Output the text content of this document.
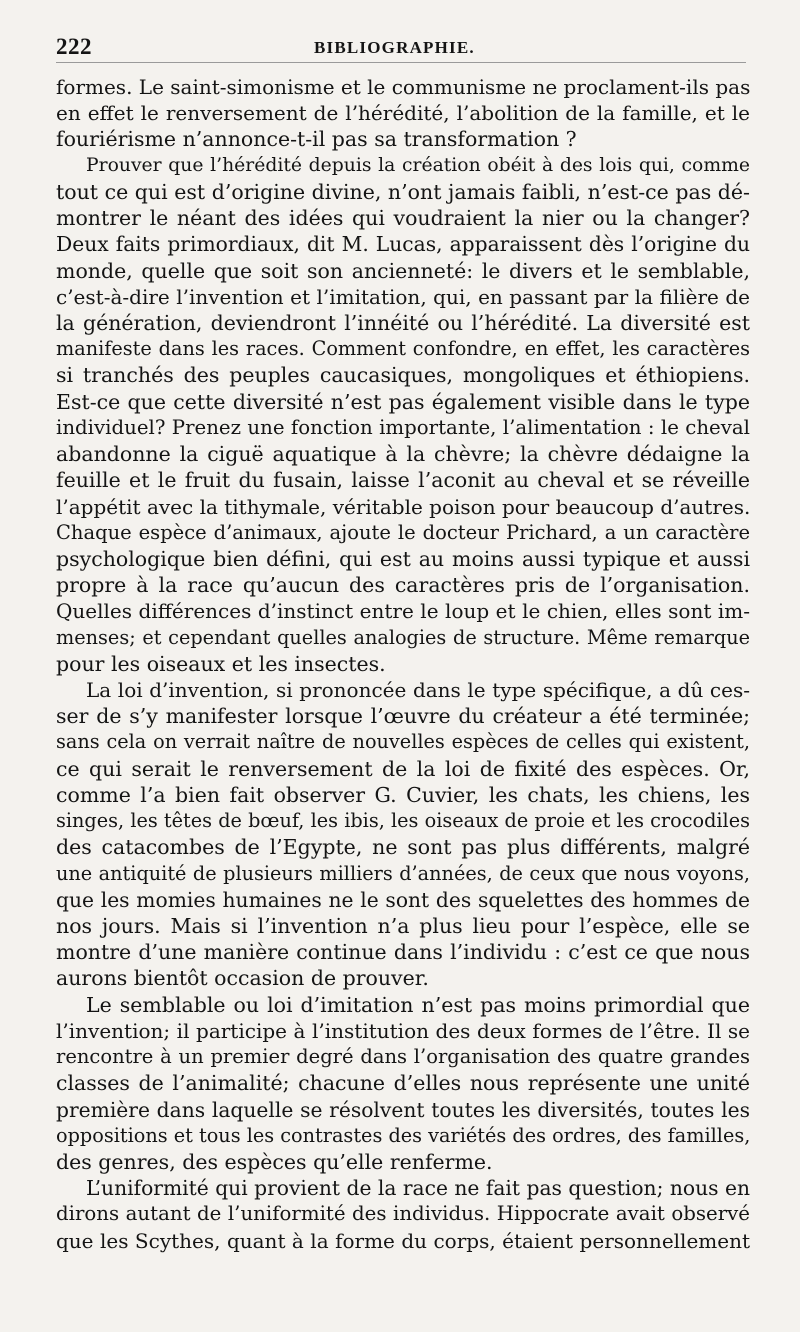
222	BIBLIOGRAPHIE.
formes. Le saint-simonisme et le communisme ne proclament-ils pas
en effet le renversement de l’hérédité, l’abolition de la famille, et le
fouriérisme n’annonce-t-il pas sa transformation ?
Prouver que l’hérédité depuis la création obéit à des lois qui, comme
tout ce qui est d’origine divine, n’ont jamais faibli, n’est-ce pas dé-
montrer le néant des idées qui voudraient la nier ou la changer?
Deux faits primordiaux, dit M. Lucas, apparaissent dès l’origine du
monde, quelle que soit son ancienneté: le divers et le semblable,
c’est-à-dire l’invention et l’imitation, qui, en passant par la filière de
la génération, deviendront l’innéité ou l’hérédité. La diversité est
manifeste dans les races. Comment confondre, en effet, les caractères
si tranchés des peuples caucasiques, mongoliques et éthiopiens.
Est-ce que cette diversité n’est pas également visible dans le type
individuel? Prenez une fonction importante, l’alimentation : le cheval
abandonne la ciguë aquatique à la chèvre; la chèvre dédaigne la
feuille et le fruit du fusain, laisse l’aconit au cheval et se réveille
l’appétit avec la tithymale, véritable poison pour beaucoup d’autres.
Chaque espèce d’animaux, ajoute le docteur Prichard, a un caractère
psychologique bien défini, qui est au moins aussi typique et aussi
propre à la race qu’aucun des caractères pris de l’organisation.
Quelles différences d’instinct entre le loup et le chien, elles sont im-
menses; et cependant quelles analogies de structure. Même remarque
pour les oiseaux et les insectes.
La loi d’invention, si prononcée dans le type spécifique, a dû ces-
ser de s’y manifester lorsque l’œuvre du créateur a été terminée;
sans cela on verrait naître de nouvelles espèces de celles qui existent,
ce qui serait le renversement de la loi de fixité des espèces. Or,
comme l’a bien fait observer G. Cuvier, les chats, les chiens, les
singes, les têtes de bœuf, les ibis, les oiseaux de proie et les crocodiles
des catacombes de l’Egypte, ne sont pas plus différents, malgré
une antiquité de plusieurs milliers d’années, de ceux que nous voyons,
que les momies humaines ne le sont des squelettes des hommes de
nos jours. Mais si l’invention n’a plus lieu pour l’espèce, elle se
montre d’une manière continue dans l’individu : c’est ce que nous
aurons bientôt occasion de prouver.
Le semblable ou loi d’imitation n’est pas moins primordial que
l’invention; il participe à l’institution des deux formes de l’être. Il se
rencontre à un premier degré dans l’organisation des quatre grandes
classes de l’animalité; chacune d’elles nous représente une unité
première dans laquelle se résolvent toutes les diversités, toutes les
oppositions et tous les contrastes des variétés des ordres, des familles,
des genres, des espèces qu’elle renferme.
L’uniformité qui provient de la race ne fait pas question; nous en
dirons autant de l’uniformité des individus. Hippocrate avait observé
que les Scythes, quant à la forme du corps, étaient personnellement
